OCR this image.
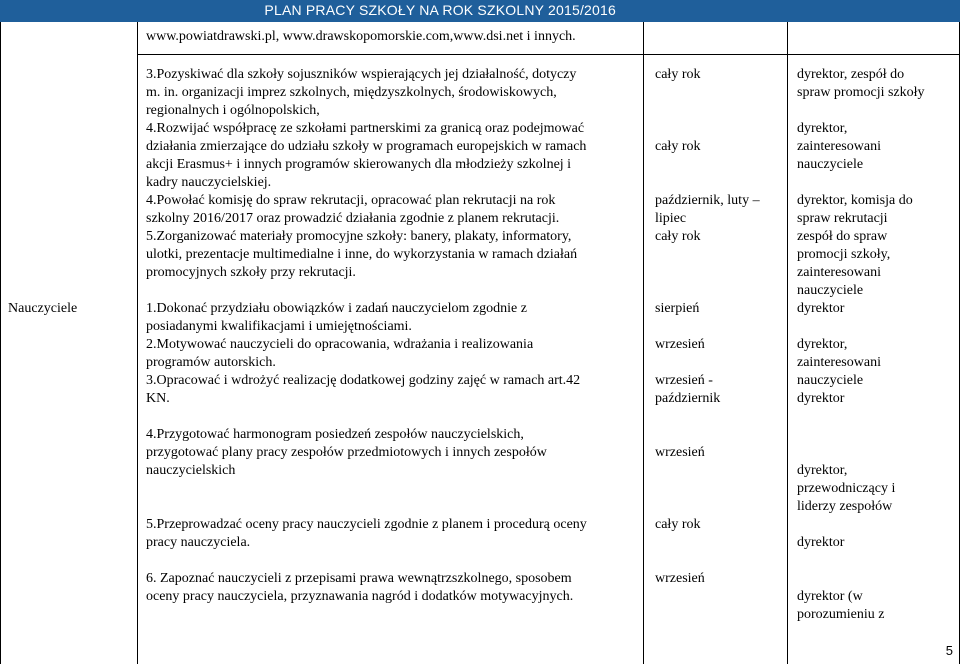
PLAN PRACY SZKOŁY NA ROK SZKOLNY 2015/2016
www.powiatdrawski.pl, www.drawskopomorskie.com,www.dsi.net i innych.
3.Pozyskiwać dla szkoły sojuszników wspierających jej działalność, dotyczy
m. in. organizacji imprez szkolnych, międzyszkolnych, środowiskowych,
regionalnych i ogólnopolskich,
4.Rozwijać współpracę ze szkołami partnerskimi za granicą oraz podejmować
działania zmierzające do udziału szkoły w programach europejskich w ramach
akcji Erasmus+ i innych programów skierowanych dla młodzieży szkolnej i
kadry nauczycielskiej.
4.Powołać komisję do spraw rekrutacji, opracować plan rekrutacji na rok
szkolny 2016/2017 oraz prowadzić działania zgodnie z planem rekrutacji.
5.Zorganizować materiały promocyjne szkoły: banery, plakaty, informatory,
ulotki, prezentacje multimedialne i inne, do wykorzystania w ramach działań
promocyjnych szkoły przy rekrutacji.
cały rok
cały rok
październik, luty –
lipiec
cały rok
dyrektor, zespół do
spraw promocji szkoły
dyrektor,
zainteresowani
nauczyciele
dyrektor, komisja do
spraw rekrutacji
zespół do spraw
promocji szkoły,
zainteresowani
nauczyciele
Nauczyciele	1.Dokonać przydziału obowiązków i zadań nauczycielom zgodnie z
posiadanymi kwalifikacjami i umiejętnościami.
2.Motywować nauczycieli do opracowania, wdrażania i realizowania
programów autorskich.
3.Opracować i wdrożyć realizację dodatkowej godziny zajęć w ramach art.42
KN.
4.Przygotować harmonogram posiedzeń zespołów nauczycielskich,
przygotować plany pracy zespołów przedmiotowych i innych zespołów
nauczycielskich
5.Przeprowadzać oceny pracy nauczycieli zgodnie z planem i procedurą oceny
pracy nauczyciela.
6. Zapoznać nauczycieli z przepisami prawa wewnątrzszkolnego, sposobem
oceny pracy nauczyciela, przyznawania nagród i dodatków motywacyjnych.
sierpień
wrzesień
wrzesień -
październik
wrzesień
cały rok
wrzesień
dyrektor
dyrektor,
zainteresowani
nauczyciele
dyrektor
dyrektor,
przewodniczący i
liderzy zespołów
dyrektor
dyrektor (w
porozumieniu z
5
